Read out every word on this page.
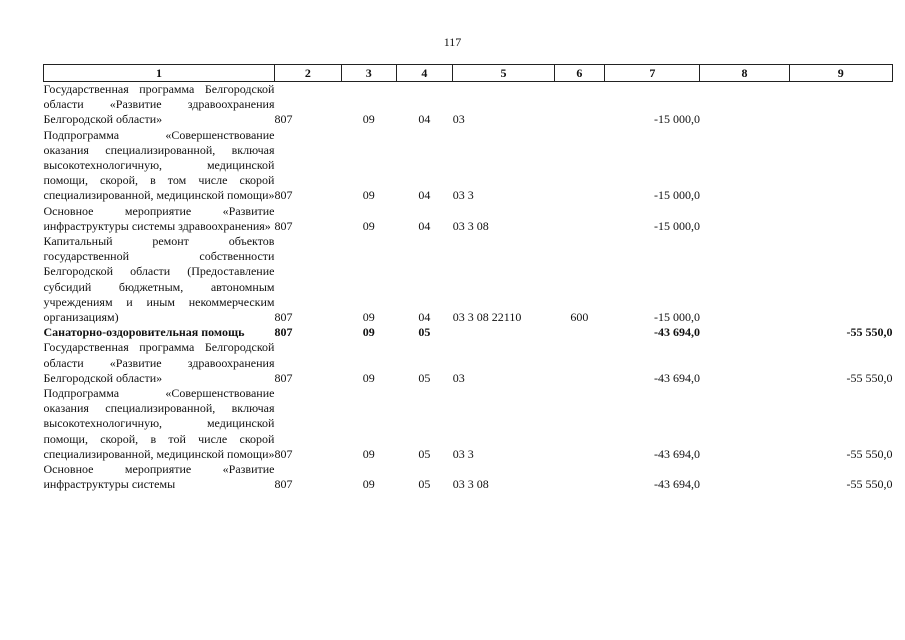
117
1	2	3	4	5	6	7	8	9
Государственная программа Белгородской области «Развитие здравоохранения Белгородской области»	807	09	04	03		-15 000,0		
Подпрограмма «Совершенствование оказания специализированной, включая высокотехнологичную, медицинской помощи, скорой, в том числе скорой специализированной, медицинской помощи»	807	09	04	03 3		-15 000,0		
Основное мероприятие «Развитие инфраструктуры системы здравоохранения»	807	09	04	03 3 08		-15 000,0		
Капитальный ремонт объектов государственной собственности Белгородской области (Предоставление субсидий бюджетным, автономным учреждениям и иным некоммерческим организациям)	807	09	04	03 3 08 22110	600	-15 000,0		
Санаторно-оздоровительная помощь	807	09	05			-43 694,0		-55 550,0
Государственная программа Белгородской области «Развитие здравоохранения Белгородской области»	807	09	05	03		-43 694,0		-55 550,0
Подпрограмма «Совершенствование оказания специализированной, включая высокотехнологичную, медицинской помощи, скорой, в той числе скорой специализированной, медицинской помощи»	807	09	05	03 3		-43 694,0		-55 550,0
Основное мероприятие «Развитие инфраструктуры системы	807	09	05	03 3 08		-43 694,0		-55 550,0
